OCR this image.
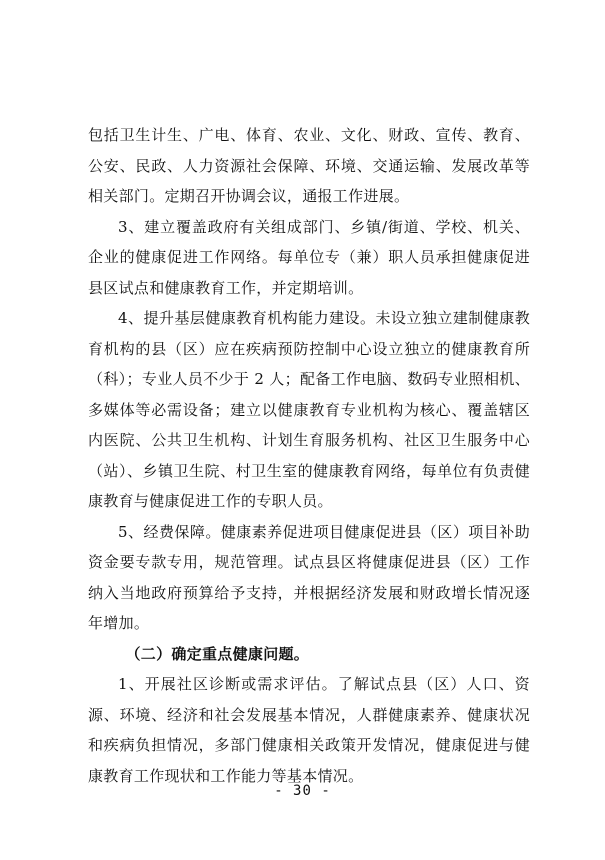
包括卫生计生、广电、体育、农业、文化、财政、宣传、教育、公安、民政、人力资源社会保障、环境、交通运输、发展改革等相关部门。定期召开协调会议，通报工作进展。

3、建立覆盖政府有关组成部门、乡镇/街道、学校、机关、企业的健康促进工作网络。每单位专（兼）职人员承担健康促进县区试点和健康教育工作，并定期培训。

4、提升基层健康教育机构能力建设。未设立独立建制健康教育机构的县（区）应在疾病预防控制中心设立独立的健康教育所（科）；专业人员不少于 2 人；配备工作电脑、数码专业照相机、多媒体等必需设备；建立以健康教育专业机构为核心、覆盖辖区内医院、公共卫生机构、计划生育服务机构、社区卫生服务中心（站）、乡镇卫生院、村卫生室的健康教育网络，每单位有负责健康教育与健康促进工作的专职人员。

5、经费保障。健康素养促进项目健康促进县（区）项目补助资金要专款专用，规范管理。试点县区将健康促进县（区）工作纳入当地政府预算给予支持，并根据经济发展和财政增长情况逐年增加。

（二）确定重点健康问题。

1、开展社区诊断或需求评估。了解试点县（区）人口、资源、环境、经济和社会发展基本情况，人群健康素养、健康状况和疾病负担情况，多部门健康相关政策开发情况，健康促进与健康教育工作现状和工作能力等基本情况。

- 30 -
